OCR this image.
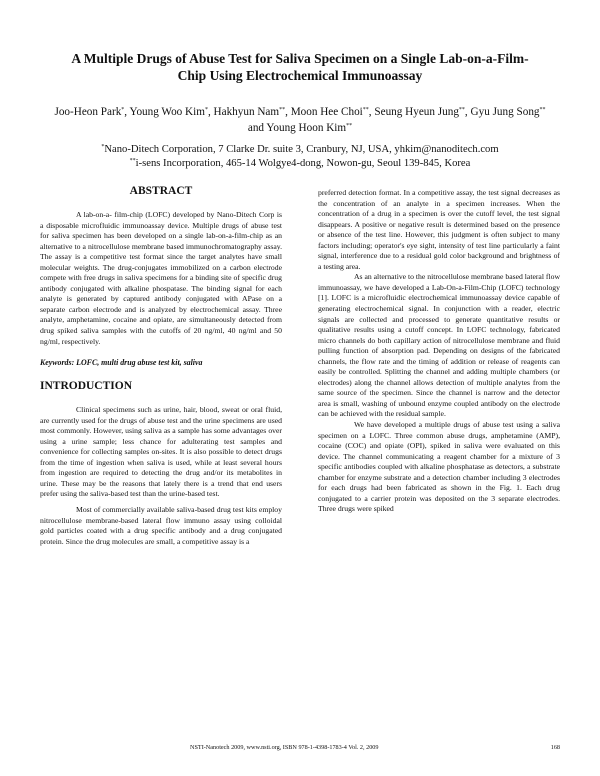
A Multiple Drugs of Abuse Test for Saliva Specimen on a Single Lab-on-a-Film-Chip Using Electrochemical Immunoassay
Joo-Heon Park*, Young Woo Kim*, Hakhyun Nam**, Moon Hee Choi**, Seung Hyeun Jung**, Gyu Jung Song** and Young Hoon Kim**
*Nano-Ditech Corporation, 7 Clarke Dr. suite 3, Cranbury, NJ, USA, yhkim@nanoditech.com
**i-sens Incorporation, 465-14 Wolgye4-dong, Nowon-gu, Seoul 139-845, Korea
ABSTRACT

A lab-on-a- film-chip (LOFC) developed by Nano-Ditech Corp is a disposable microfluidic immunoassay device. Multiple drugs of abuse test for saliva specimen has been developed on a single lab-on-a-film-chip as an alternative to a nitrocellulose membrane based immunochromatography assay. The assay is a competitive test format since the target analytes have small molecular weights. The drug-conjugates immobilized on a carbon electrode compete with free drugs in saliva specimens for a binding site of specific drug antibody conjugated with alkaline phospatase. The binding signal for each analyte is generated by captured antibody conjugated with APase on a separate carbon electrode and is analyzed by electrochemical assay. Three analyte, amphetamine, cocaine and opiate, are simultaneously detected from drug spiked saliva samples with the cutoffs of 20 ng/ml, 40 ng/ml and 50 ng/ml, respectively.

Keywords: LOFC, multi drug abuse test kit, saliva
INTRODUCTION

Clinical specimens such as urine, hair, blood, sweat or oral fluid, are currently used for the drugs of abuse test and the urine specimens are used most commonly. However, using saliva as a sample has some advantages over using a urine sample; less chance for adulterating test samples and convenience for collecting samples on-sites. It is also possible to detect drugs from the time of ingestion when saliva is used, while at least several hours from ingestion are required to detecting the drug and/or its metabolites in urine. These may be the reasons that lately there is a trend that end users prefer using the saliva-based test than the urine-based test.

Most of commercially available saliva-based drug test kits employ nitrocellulose membrane-based lateral flow immuno assay using colloidal gold particles coated with a drug specific antibody and a drug conjugated protein. Since the drug molecules are small, a competitive assay is a

preferred detection format. In a competitive assay, the test signal decreases as the concentration of an analyte in a specimen increases. When the concentration of a drug in a specimen is over the cutoff level, the test signal disappears. A positive or negative result is determined based on the presence or absence of the test line. However, this judgment is often subject to many factors including; operator's eye sight, intensity of test line particularly a faint signal, interference due to a residual gold color background and brightness of a testing area.

As an alternative to the nitrocellulose membrane based lateral flow immunoassay, we have developed a Lab-On-a-Film-Chip (LOFC) technology [1]. LOFC is a microfluidic electrochemical immunoassay device capable of generating electrochemical signal. In conjunction with a reader, electric signals are collected and processed to generate quantitative results or qualitative results using a cutoff concept. In LOFC technology, fabricated micro channels do both capillary action of nitrocellulose membrane and fluid pulling function of absorption pad. Depending on designs of the fabricated channels, the flow rate and the timing of addition or release of reagents can easily be controlled. Splitting the channel and adding multiple chambers (or electrodes) along the channel allows detection of multiple analytes from the same source of the specimen. Since the channel is narrow and the detector area is small, washing of unbound enzyme coupled antibody on the electrode can be achieved with the residual sample.

We have developed a multiple drugs of abuse test using a saliva specimen on a LOFC. Three common abuse drugs, amphetamine (AMP), cocaine (COC) and opiate (OPI), spiked in saliva were evaluated on this device. The channel communicating a reagent chamber for a mixture of 3 specific antibodies coupled with alkaline phosphatase as detectors, a substrate chamber for enzyme substrate and a detection chamber including 3 electrodes for each drugs had been fabricated as shown in the Fig. 1. Each drug conjugated to a carrier protein was deposited on the 3 separate electrodes. Three drugs were spiked

NSTI-Nanotech 2009, www.nsti.org, ISBN 978-1-4398-1783-4 Vol. 2, 2009	168
